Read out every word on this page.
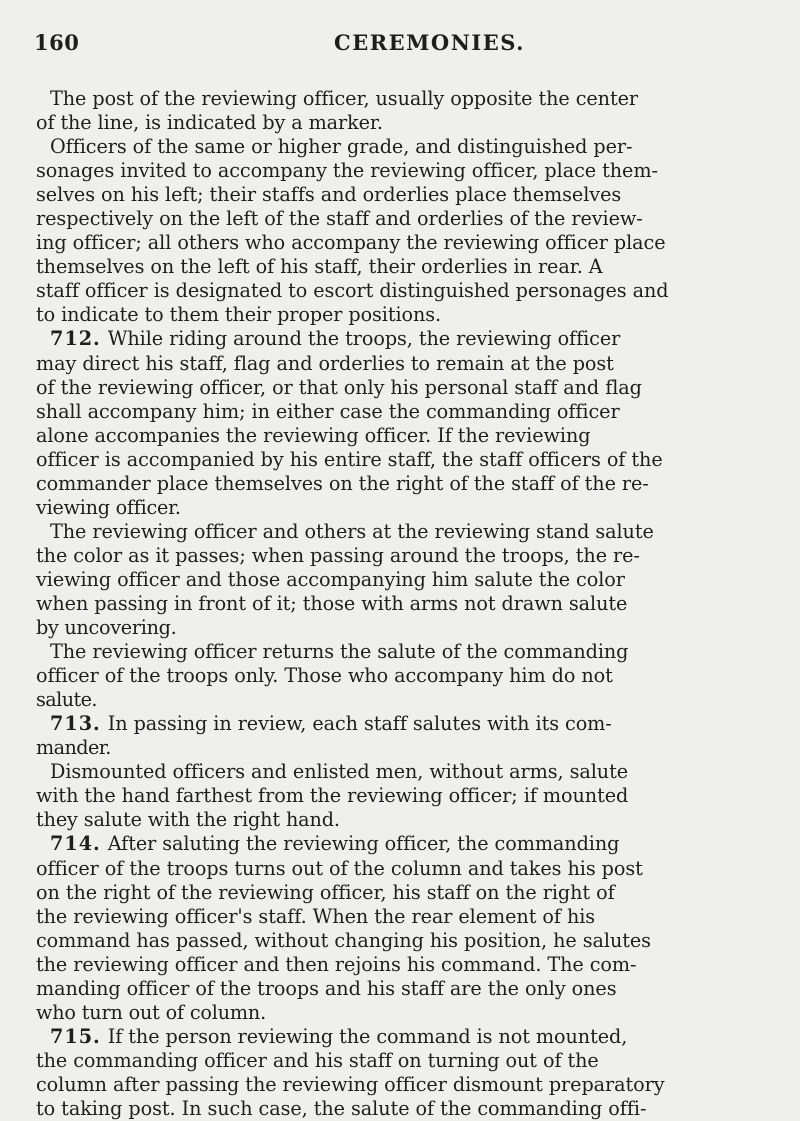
160	CEREMONIES.
The post of the reviewing officer, usually opposite the center
of the line, is indicated by a marker.
Officers of the same or higher grade, and distinguished per-
sonages invited to accompany the reviewing officer, place them-
selves on his left; their staffs and orderlies place themselves
respectively on the left of the staff and orderlies of the review-
ing officer; all others who accompany the reviewing officer place
themselves on the left of his staff, their orderlies in rear. A
staff officer is designated to escort distinguished personages and
to indicate to them their proper positions.
712. While riding around the troops, the reviewing officer
may direct his staff, flag and orderlies to remain at the post
of the reviewing officer, or that only his personal staff and flag
shall accompany him; in either case the commanding officer
alone accompanies the reviewing officer. If the reviewing
officer is accompanied by his entire staff, the staff officers of the
commander place themselves on the right of the staff of the re-
viewing officer.
The reviewing officer and others at the reviewing stand salute
the color as it passes; when passing around the troops, the re-
viewing officer and those accompanying him salute the color
when passing in front of it; those with arms not drawn salute
by uncovering.
The reviewing officer returns the salute of the commanding
officer of the troops only. Those who accompany him do not
salute.
713. In passing in review, each staff salutes with its com-
mander.
Dismounted officers and enlisted men, without arms, salute
with the hand farthest from the reviewing officer; if mounted
they salute with the right hand.
714. After saluting the reviewing officer, the commanding
officer of the troops turns out of the column and takes his post
on the right of the reviewing officer, his staff on the right of
the reviewing officer's staff. When the rear element of his
command has passed, without changing his position, he salutes
the reviewing officer and then rejoins his command. The com-
manding officer of the troops and his staff are the only ones
who turn out of column.
715. If the person reviewing the command is not mounted,
the commanding officer and his staff on turning out of the
column after passing the reviewing officer dismount preparatory
to taking post. In such case, the salute of the commanding offi-
